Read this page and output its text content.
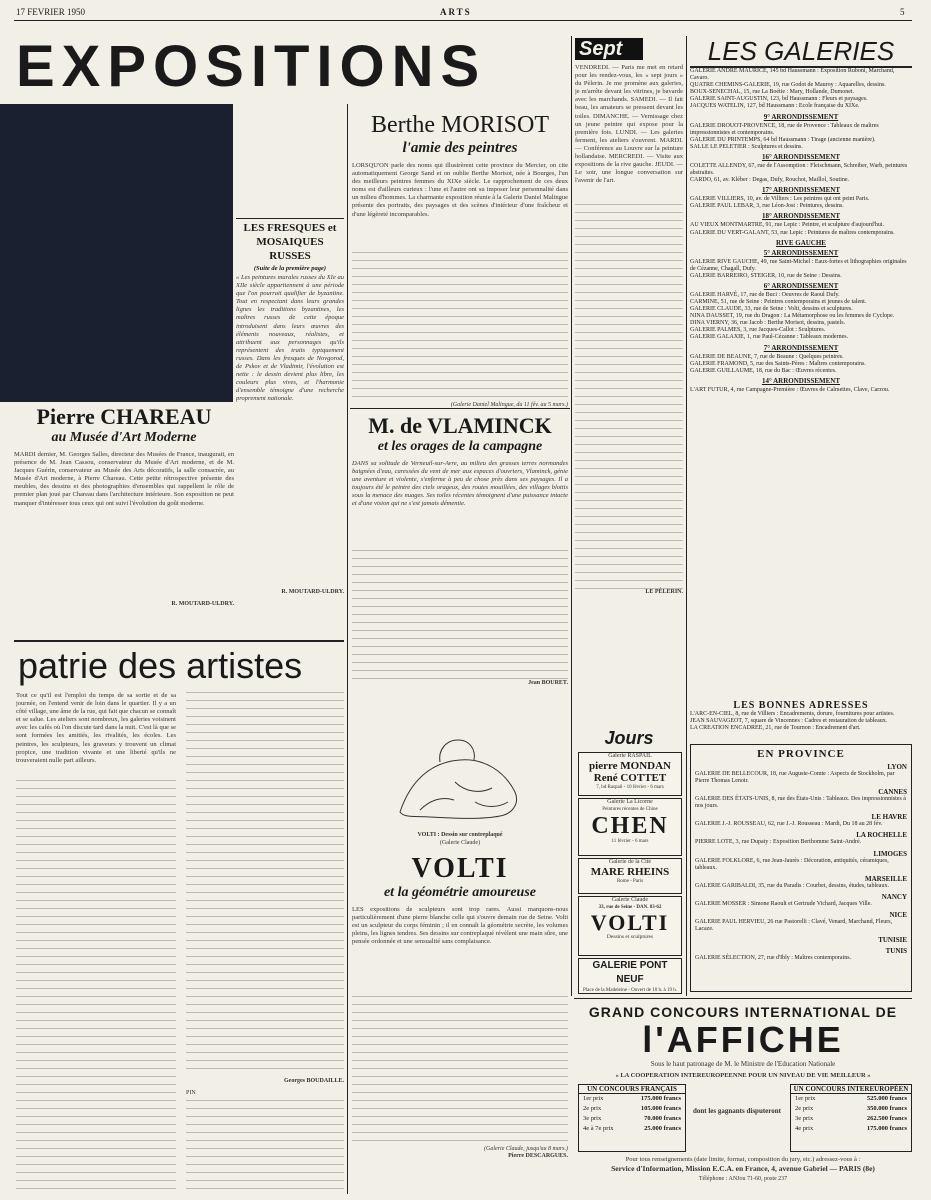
17 FEVRIER 1950	ARTS	5
EXPOSITIONS
LES FRESQUES et MOSAIQUES RUSSES
(Suite de la première page)
« Les peintures murales russes du XIe au XIIe siècle appartiennent à une période que l'on pourrait qualifier de byzantine. Tout en respectant dans leurs grandes lignes les traditions byzantines, les maîtres russes de cette époque introduisent dans leurs œuvres des éléments nouveaux, réalistes, et attribuent aux personnages qu'ils représentent des traits typiquement russes. Dans les fresques de Novgorod, de Pskov et de Vladimir, l'évolution est nette : le dessin devient plus libre, les couleurs plus vives, et l'harmonie d'ensemble témoigne d'une recherche proprement nationale.
R. MOUTARD-ULDRY.
Pierre CHAREAU
au Musée d'Art Moderne
MARDI dernier, M. Georges Salles, directeur des Musées de France, inaugurait, en présence de M. Jean Cassou, conservateur du Musée d'Art moderne, et de M. Jacques Guérin, conservateur au Musée des Arts décoratifs, la salle consacrée, au Musée d'Art moderne, à Pierre Chareau. Cette petite rétrospective présente des meubles, des dessins et des photographies d'ensembles qui rappellent le rôle de premier plan joué par Chareau dans l'architecture intérieure. Son exposition ne peut manquer d'intéresser tous ceux qui ont suivi l'évolution du goût moderne.
R. MOUTARD-ULDRY.
patrie des artistes
Tout ce qu'il est l'emploi du temps de sa sortie et de sa journée, on l'entend venir de loin dans le quartier. Il y a un côté village, une âme de la rue, qui fait que chacun se connaît et se salue. Les ateliers sont nombreux, les galeries voisinent avec les cafés où l'on discute tard dans la nuit. C'est là que se sont formées les amitiés, les rivalités, les écoles. Les peintres, les sculpteurs, les graveurs y trouvent un climat propice, une tradition vivante et une liberté qu'ils ne trouveraient nulle part ailleurs.
Georges BOUDAILLE.
PIN
Berthe MORISOT
l'amie des peintres
LORSQU'ON parle des noms qui illustrèrent cette province du Mercier, on cite automatiquement George Sand et on oublie Berthe Morisot, née à Bourges, l'un des meilleurs peintres femmes du XIXe siècle. Le rapprochement de ces deux noms est d'ailleurs curieux : l'une et l'autre ont su imposer leur personnalité dans un milieu d'hommes. La charmante exposition réunie à la Galerie Daniel Malingue présente des portraits, des paysages et des scènes d'intérieur d'une fraîcheur et d'une légèreté incomparables.
(Galerie Daniel Malingue, du 11 fév. au 5 mars.)
M. de VLAMINCK
et les orages de la campagne
DANS sa solitude de Verneuil-sur-Avre, au milieu des grasses terres normandes baignées d'eau, caressées du vent de mer aux espaces d'ouvriers, Vlaminck, génie une aventure et violente, s'enferme à peu de chose près dans ses paysages. Il a toujours été le peintre des ciels orageux, des routes mouillées, des villages blottis sous la menace des nuages. Ses toiles récentes témoignent d'une puissance intacte et d'une vision qui ne s'est jamais démentie.
Jean BOURET.
VOLTI : Dessin sur contreplaqué
(Galerie Claude)
VOLTI
et la géométrie amoureuse
LES expositions de sculpteurs sont trop rares. Aussi marquons-nous particulièrement d'une pierre blanche celle qui s'ouvre demain rue de Seine. Volti est un sculpteur du corps féminin ; il en connaît la géométrie secrète, les volumes pleins, les lignes tendres. Ses dessins sur contreplaqué révèlent une main sûre, une pensée ordonnée et une sensualité sans complaisance.
(Galerie Claude, jusqu'au 8 mars.)
Pierre DESCARGUES.
Sept
VENDREDI. — Paris me met en retard pour les rendez-vous, les « sept jours » du Pèlerin. Je me promène aux galeries, je m'arrête devant les vitrines, je bavarde avec les marchands. SAMEDI. — Il fait beau, les amateurs se pressent devant les toiles. DIMANCHE. — Vernissage chez un jeune peintre qui expose pour la première fois. LUNDI. — Les galeries ferment, les ateliers s'ouvrent. MARDI. — Conférence au Louvre sur la peinture hollandaise. MERCREDI. — Visite aux expositions de la rive gauche. JEUDI. — Le soir, une longue conversation sur l'avenir de l'art.
LE PÈLERIN.
Jours
Galerie RASPAIL
pierre MONDAN
René COTTET
7, bd Raspail - 10 février - 6 mars
Galerie La Licorne
Peintures récentes de Chine
CHEN
11 février - 6 mars
Galerie de la Cité
MARE RHEINS
Rome - Paris
Galerie Claude
33, rue de Seine - DAN. 83-62
VOLTI
Dessins et sculptures
GALERIE PONT NEUF
Place de la Madeleine - Ouvert de 10 h. à 19 h.
LES GALERIES

GALERIE ANDRE MAURICE, 145 bd Haussmann : Exposition Ruboni, Marchand, Cavaro.

QUATRE CHEMINS-GALERIE, 19, rue Godot de Mauroy : Aquarelles, dessins.

BOUX-SENECHAL, 15, rue La Boétie : Mary, Hollande, Dumonet.

GALERIE SAINT-AUGUSTIN, 123, bd Haussmann : Fleurs et paysages.

JACQUES WATELIN, 127, bd Haussmann : Ecole française du XIXe.

9° ARRONDISSEMENT

GALERIE DROUOT-PROVENCE, 18, rue de Provence : Tableaux de maîtres impressionnistes et contemporains.

GALERIE DU PRINTEMPS, 64 bd Haussmann : Tirage (ancienne manière).

SALLE LE PELETIER : Sculptures et dessins.

16° ARRONDISSEMENT

COLETTE ALLENDY, 67, rue de l'Assomption : Fleischmann, Schreiber, Warb, peintures abstraites.

CARDO, 61, av. Kléber : Degas, Dufy, Rouchot, Maillol, Soutine.

17° ARRONDISSEMENT

GALERIE VILLIERS, 10, av. de Villiers : Les peintres qui ont peint Paris.

GALERIE PAUL LEBAR, 3, rue Léon-Jost : Peintures, dessins.

18° ARRONDISSEMENT

AU VIEUX MONTMARTRE, 91, rue Lepic : Peintre, et sculpture d'aujourd'hui.

GALERIE DU VERT-GALANT, 53, rue Lepic : Peintures de maîtres contemporains.

RIVE GAUCHE
5° ARRONDISSEMENT

GALERIE RIVE GAUCHE, 49, rue Saint-Michel : Eaux-fortes et lithographies originales de Cézanne, Chagall, Dufy.

GALERIE BARREIRO, STEIGER, 10, rue de Seine : Dessins.

6° ARRONDISSEMENT

GALERIE HARVÉ, 17, rue de Buci : Oeuvres de Raoul Dufy.

CARMINE, 51, rue de Seine : Peintres contemporains et jeunes de talent.

GALERIE CLAUDE, 33, rue de Seine : Volti, dessins et sculptures.

NINA DAUSSET, 19, rue du Dragon : La Métamorphose ou les femmes de Cyclope.

DINA VIERNY, 36, rue Jacob : Berthe Morisot, dessins, pastels.

GALERIE PALMES, 3, rue Jacques-Callot : Sculptures.

GALERIE GALAXIE, 1, rue Paul-Cézanne : Tableaux modernes.

7° ARRONDISSEMENT

GALERIE DE BEAUNE, 7, rue de Beaune : Quelques peintres.

GALERIE FRAMOND, 5, rue des Saints-Pères : Maîtres contemporains.

GALERIE GUILLAUME, 18, rue du Bac : Œuvres récentes.

14° ARRONDISSEMENT

L'ART FUTUR, 4, rue Campagne-Première : Œuvres de Calmettes, Clave, Carzou.

LES BONNES ADRESSES

L'ARC-EN-CIEL, 8, rue de Villiers : Encadrements, dorure, fournitures pour artistes.

JEAN SAUVAGEOT, 7, square de Vincennes : Cadres et restauration de tableaux.

LA CREATION ENCADREE, 21, rue de Tournon : Encadrement d'art.

EN PROVINCE
LYON

GALERIE DE BELLECOUR, 18, rue Auguste-Comte : Aspects de Stockholm, par Pierre Thomas Lenoir.

CANNES

GALERIE DES ÉTATS-UNIS, 8, rue des États-Unis : Tableaux. Des impressionnistes à nos jours.

LE HAVRE

GALERIE J.-J. ROUSSEAU, 62, rue J.-J. Rousseau : Mardi, Du 18 au 28 fév.

LA ROCHELLE

PIERRE LOTE, 3, rue Dupaty : Exposition Berthomme Saint-André.

LIMOGES

GALERIE FOLKLORE, 6, rue Jean-Jaurès : Décoration, antiquités, céramiques, tableaux.

MARSEILLE

GALERIE GARIBALDI, 35, rue du Paradis : Courbet, dessins, études, tableaux.

NANCY

GALERIE MOSSER : Simone Raoult et Gertrude Vichard, Jacques Ville.

NICE

GALERIE PAUL HERVIEU, 26 rue Pastorelli : Clavé, Venard, Marchand, Fleurs, Lacaze.

TUNISIE
TUNIS

GALERIE SÉLECTION, 27, rue d'Ibly : Maîtres contemporains.

GRAND CONCOURS INTERNATIONAL DE
l'AFFICHE
Sous le haut patronage de M. le Ministre de l'Education Nationale
« LA COOPERATION INTEREUROPEENNE POUR UN NIVEAU DE VIE MEILLEUR »
UN CONCOURS FRANÇAIS
1er prix	175.000 francs
2e prix	105.000 francs
3e prix	70.000 francs
4e à 7e prix	25.000 francs
dont les gagnants disputeront
UN CONCOURS INTEREUROPÉEN
1er prix	525.000 francs
2e prix	350.000 francs
3e prix	262.500 francs
4e prix	175.000 francs
Pour tous renseignements (date limite, format, composition du jury, etc.) adressez-vous à :
Service d'Information, Mission E.C.A. en France, 4, avenue Gabriel — PARIS (8e)
Téléphone : ANJou 71-60, poste 237
